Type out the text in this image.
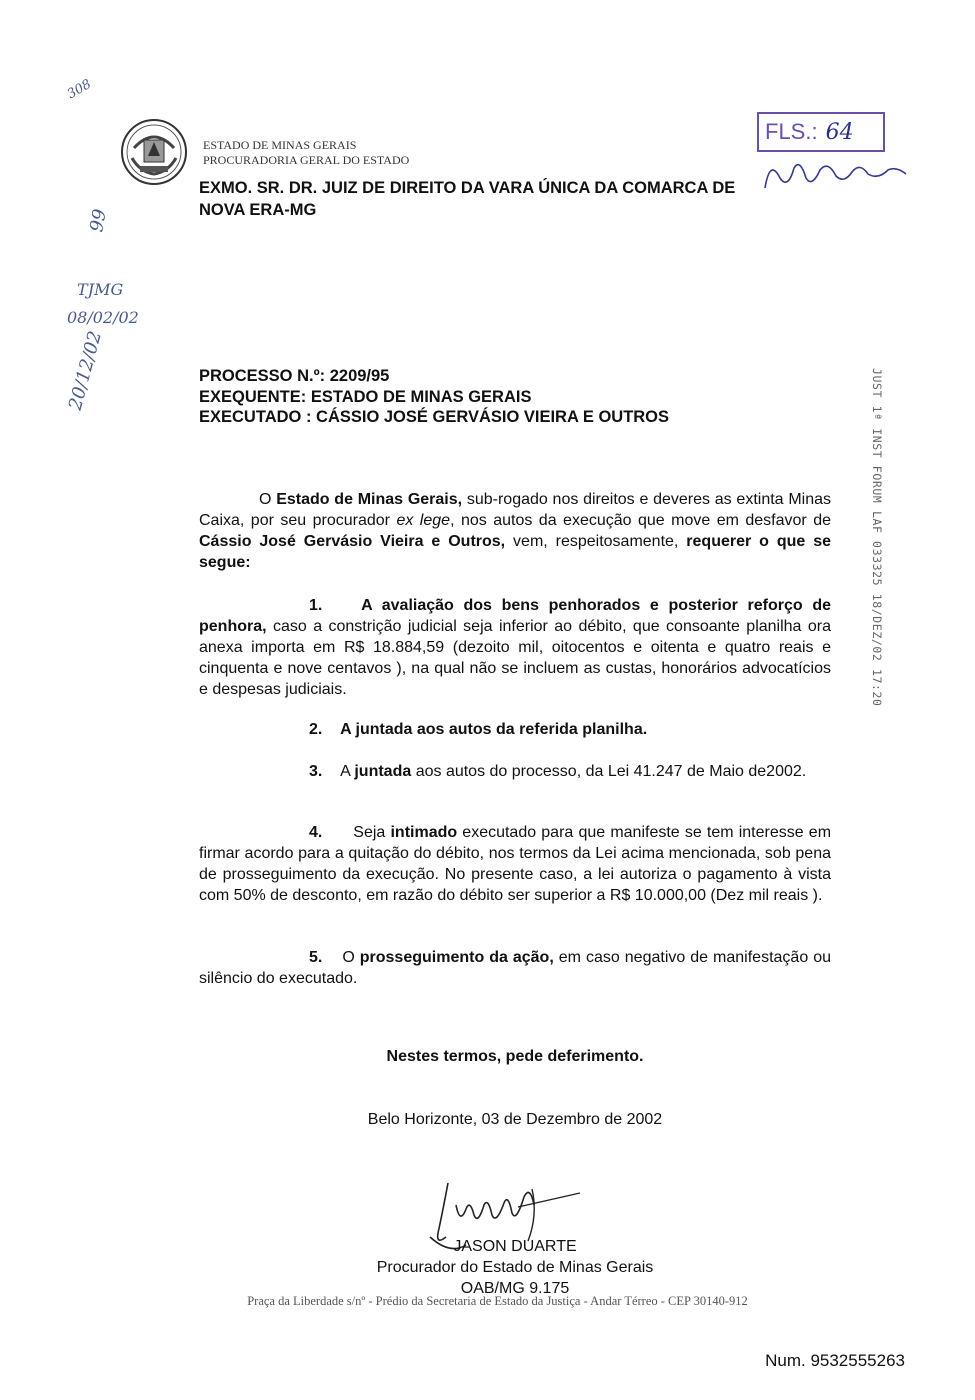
ESTADO DE MINAS GERAIS
PROCURADORIA GERAL DO ESTADO
FLS.: 64
EXMO. SR. DR. JUIZ DE DIREITO DA VARA ÚNICA DA COMARCA DE
NOVA ERA-MG
308
99
TJMG
08/02/02
20/12/02	PROCESSO N.º: 2209/95
EXEQUENTE: ESTADO DE MINAS GERAIS
EXECUTADO : CÁSSIO JOSÉ GERVÁSIO VIEIRA E OUTROS	JUST 1ª INST FORUM LAF 033325 18/DEZ/02 17:20
O Estado de Minas Gerais, sub-rogado nos direitos e deveres as extinta Minas Caixa, por seu procurador ex lege, nos autos da execução que move em desfavor de Cássio José Gervásio Vieira e Outros, vem, respeitosamente, requerer o que se segue:
1. A avaliação dos bens penhorados e posterior reforço de penhora, caso a constrição judicial seja inferior ao débito, que consoante planilha ora anexa importa em R$ 18.884,59 (dezoito mil, oitocentos e oitenta e quatro reais e cinquenta e nove centavos ), na qual não se incluem as custas, honorários advocatícios e despesas judiciais.
2. A juntada aos autos da referida planilha.
3. A juntada aos autos do processo, da Lei 41.247 de Maio de2002.
4. Seja intimado executado para que manifeste se tem interesse em firmar acordo para a quitação do débito, nos termos da Lei acima mencionada, sob pena de prosseguimento da execução. No presente caso, a lei autoriza o pagamento à vista com 50% de desconto, em razão do débito ser superior a R$ 10.000,00 (Dez mil reais ).
5. O prosseguimento da ação, em caso negativo de manifestação ou silêncio do executado.
Nestes termos, pede deferimento.
Belo Horizonte, 03 de Dezembro de 2002
JASON DUARTE
Procurador do Estado de Minas Gerais
OAB/MG 9.175
Praça da Liberdade s/nº - Prédio da Secretaria de Estado da Justiça - Andar Térreo - CEP 30140-912
Num. 9532555263
